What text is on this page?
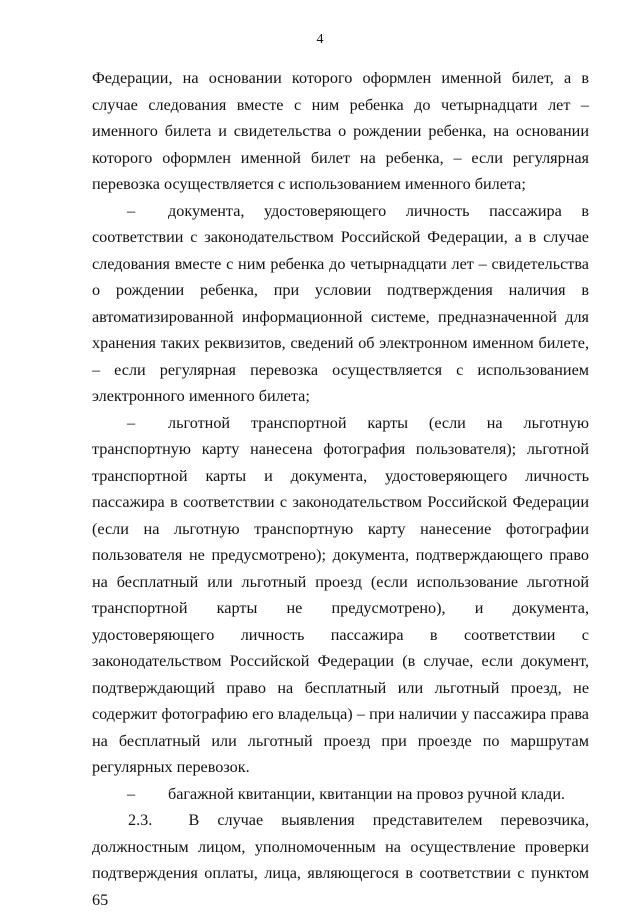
4

Федерации, на основании которого оформлен именной билет, а в случае следования вместе с ним ребенка до четырнадцати лет – именного билета и свидетельства о рождении ребенка, на основании которого оформлен именной билет на ребенка, – если регулярная перевозка осуществляется с использованием именного билета;

– документа, удостоверяющего личность пассажира в соответствии с законодательством Российской Федерации, а в случае следования вместе с ним ребенка до четырнадцати лет – свидетельства о рождении ребенка, при условии подтверждения наличия в автоматизированной информационной системе, предназначенной для хранения таких реквизитов, сведений об электронном именном билете, – если регулярная перевозка осуществляется с использованием электронного именного билета;

– льготной транспортной карты (если на льготную транспортную карту нанесена фотография пользователя); льготной транспортной карты и документа, удостоверяющего личность пассажира в соответствии с законодательством Российской Федерации (если на льготную транспортную карту нанесение фотографии пользователя не предусмотрено); документа, подтверждающего право на бесплатный или льготный проезд (если использование льготной транспортной карты не предусмотрено), и документа, удостоверяющего личность пассажира в соответствии с законодательством Российской Федерации (в случае, если документ, подтверждающий право на бесплатный или льготный проезд, не содержит фотографию его владельца) – при наличии у пассажира права на бесплатный или льготный проезд при проезде по маршрутам регулярных перевозок.

– багажной квитанции, квитанции на провоз ручной клади.

2.3. В случае выявления представителем перевозчика, должностным лицом, уполномоченным на осуществление проверки подтверждения оплаты, лица, являющегося в соответствии с пунктом 65
